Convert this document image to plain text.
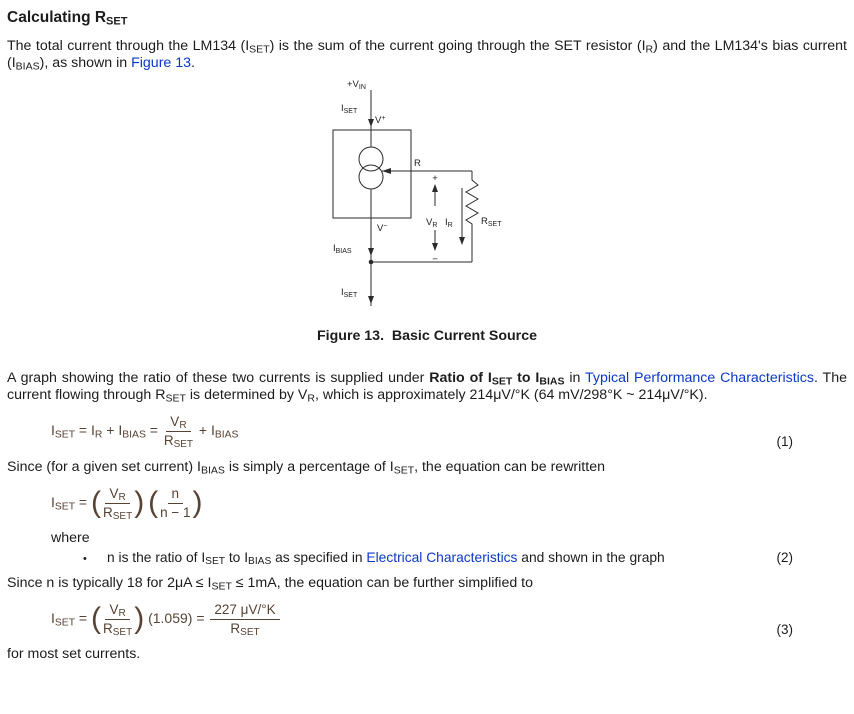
Calculating $R_{SET}$

The total current through the LM134 $(I_{SET})$ is the sum of the current going through the SET resistor $(I_R)$ and the LM134's bias current $(I_{BIAS})$, as shown in Figure 13.

$+V_{IN}$
$I_{SET}$
V+
R
+
$V_R$
−
$I_R$	$R_{SET}$
V−
$I_{BIAS}$
$I_{SET}$
Figure 13.  Basic Current Source

A graph showing the ratio of these two currents is supplied under Ratio of $I_{SET}$ to $I_{BIAS}$ in Typical Performance Characteristics. The current flowing through $R_{SET}$ is determined by $V_R$, which is approximately 214μV/°K (64 mV/298°K ~ 214μV/°K).

$I_{SET} = I_R + I_{BIAS} = \frac{V_R}{R_{SET}} + I_{BIAS}$	(1)

Since (for a given set current) $I_{BIAS}$ is simply a percentage of $I_{SET}$, the equation can be rewritten

$I_{SET}$ = ( $\frac{V_R}{R_{SET}}$ ) ( $\frac{n}{n - 1}$ )
where
•	n is the ratio of $I_{SET}$ to $I_{BIAS}$ as specified in Electrical Characteristics and shown in the graph	(2)

Since n is typically 18 for $2\mu A \le I_{SET} \le 1mA$, the equation can be further simplified to

$I_{SET}$ = ( $\frac{V_R}{R_{SET}}$ ) $(1.059) = \frac{227 \mu V/^\circ K}{R_{SET}}$	(3)

for most set currents.
